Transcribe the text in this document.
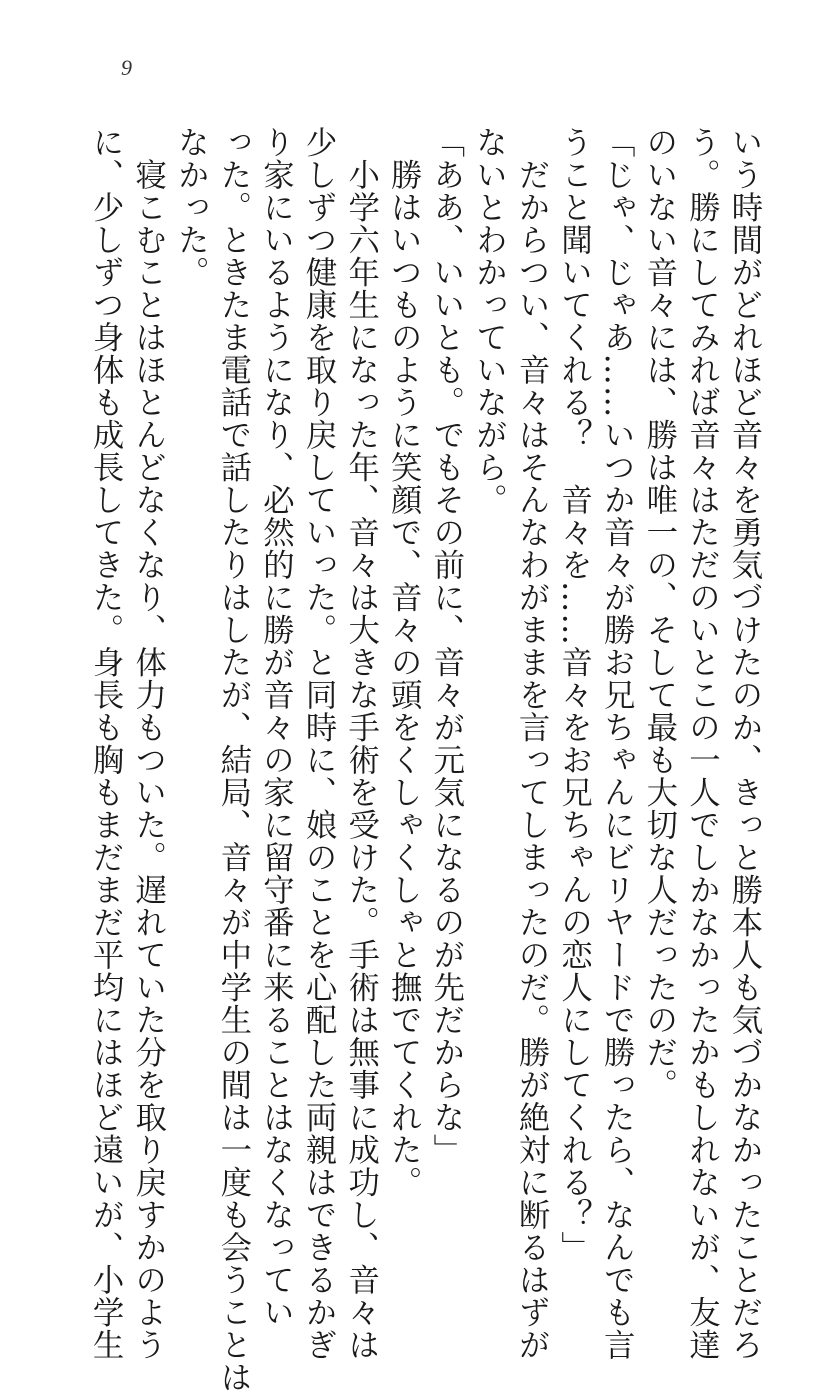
9
いう時間がどれほど音々を勇気づけたのか、きっと勝本人も気づかなかったことだろ
う。勝にしてみれば音々はただのいとこの一人でしかなかったかもしれないが、友達
のいない音々には、勝は唯一の、そして最も大切な人だったのだ。
「じゃ、じゃあ……いつか音々が勝お兄ちゃんにビリヤードで勝ったら、なんでも言
うこと聞いてくれる？　音々を……音々をお兄ちゃんの恋人にしてくれる？」
　だからつい、音々はそんなわがままを言ってしまったのだ。勝が絶対に断るはずが
ないとわかっていながら。
「ああ、いいとも。でもその前に、音々が元気になるのが先だからな」
　勝はいつものように笑顔で、音々の頭をくしゃくしゃと撫でてくれた。
　小学六年生になった年、音々は大きな手術を受けた。手術は無事に成功し、音々は
少しずつ健康を取り戻していった。と同時に、娘のことを心配した両親はできるかぎ
り家にいるようになり、必然的に勝が音々の家に留守番に来ることはなくなってい
った。ときたま電話で話したりはしたが、結局、音々が中学生の間は一度も会うことは
なかった。
　寝こむことはほとんどなくなり、体力もついた。遅れていた分を取り戻すかのよう
に、少しずつ身体も成長してきた。身長も胸もまだまだ平均にはほど遠いが、小学生
